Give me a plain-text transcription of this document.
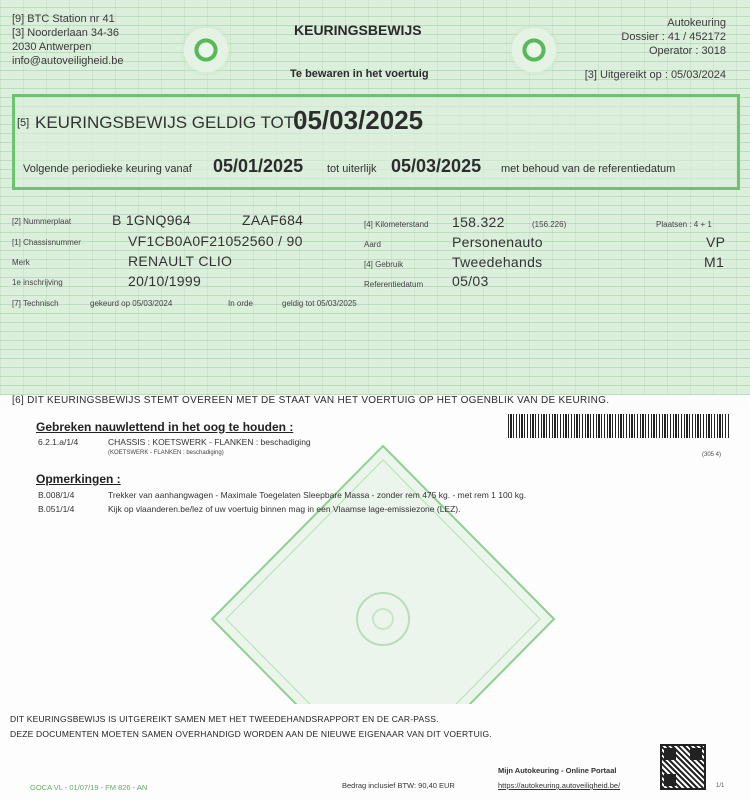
[9] BTC Station nr 41
[3] Noorderlaan 34-36
2030 Antwerpen
info@autoveiligheid.be
KEURINGSBEWIJS
Te bewaren in het voertuig
Autokeuring
Dossier : 41 / 452172
Operator : 3018
[3] Uitgereikt op : 05/03/2024
[5] KEURINGSBEWIJS GELDIG TOT :
05/03/2025
Volgende periodieke keuring vanaf 05/01/2025 tot uiterlijk 05/03/2025 met behoud van de referentiedatum
[2] Nummerplaat	B 1GNQ964	ZAAF684
[1] Chassisnummer	VF1CB0A0F21052560 / 90
Merk	RENAULT CLIO
1e inschrijving	20/10/1999
[4] Kilometerstand 158.322	(156.226)	Plaatsen : 4 + 1
Aard	Personenauto	VP
[4] Gebruik	Tweedehands	M1
Referentiedatum 05/03
[7] Technisch	gekeurd op 05/03/2024	In orde	geldig tot 05/03/2025
[6] DIT KEURINGSBEWIJS STEMT OVEREEN MET DE STAAT VAN HET VOERTUIG OP HET OGENBLIK VAN DE KEURING.
Gebreken nauwlettend in het oog te houden :
6.2.1.a/1/4	CHASSIS : KOETSWERK - FLANKEN : beschadiging
(KOETSWERK - FLANKEN : beschadiging)	(305 4)
Opmerkingen :
B.008/1/4	Trekker van aanhangwagen - Maximale Toegelaten Sleepbare Massa - zonder rem 475 kg. - met rem 1 100 kg.
B.051/1/4	Kijk op vlaanderen.be/lez of uw voertuig binnen mag in een Vlaamse lage-emissiezone (LEZ).
DIT KEURINGSBEWIJS IS UITGEREIKT SAMEN MET HET TWEEDEHANDSRAPPORT EN DE CAR-PASS.
DEZE DOCUMENTEN MOETEN SAMEN OVERHANDIGD WORDEN AAN DE NIEUWE EIGENAAR VAN DIT VOERTUIG.
GOCA VL - 01/07/19 - FM 826 - AN	Bedrag inclusief BTW: 90,40 EUR
Mijn Autokeuring - Online Portaal
https://autokeuring.autoveiligheid.be/	1/1
